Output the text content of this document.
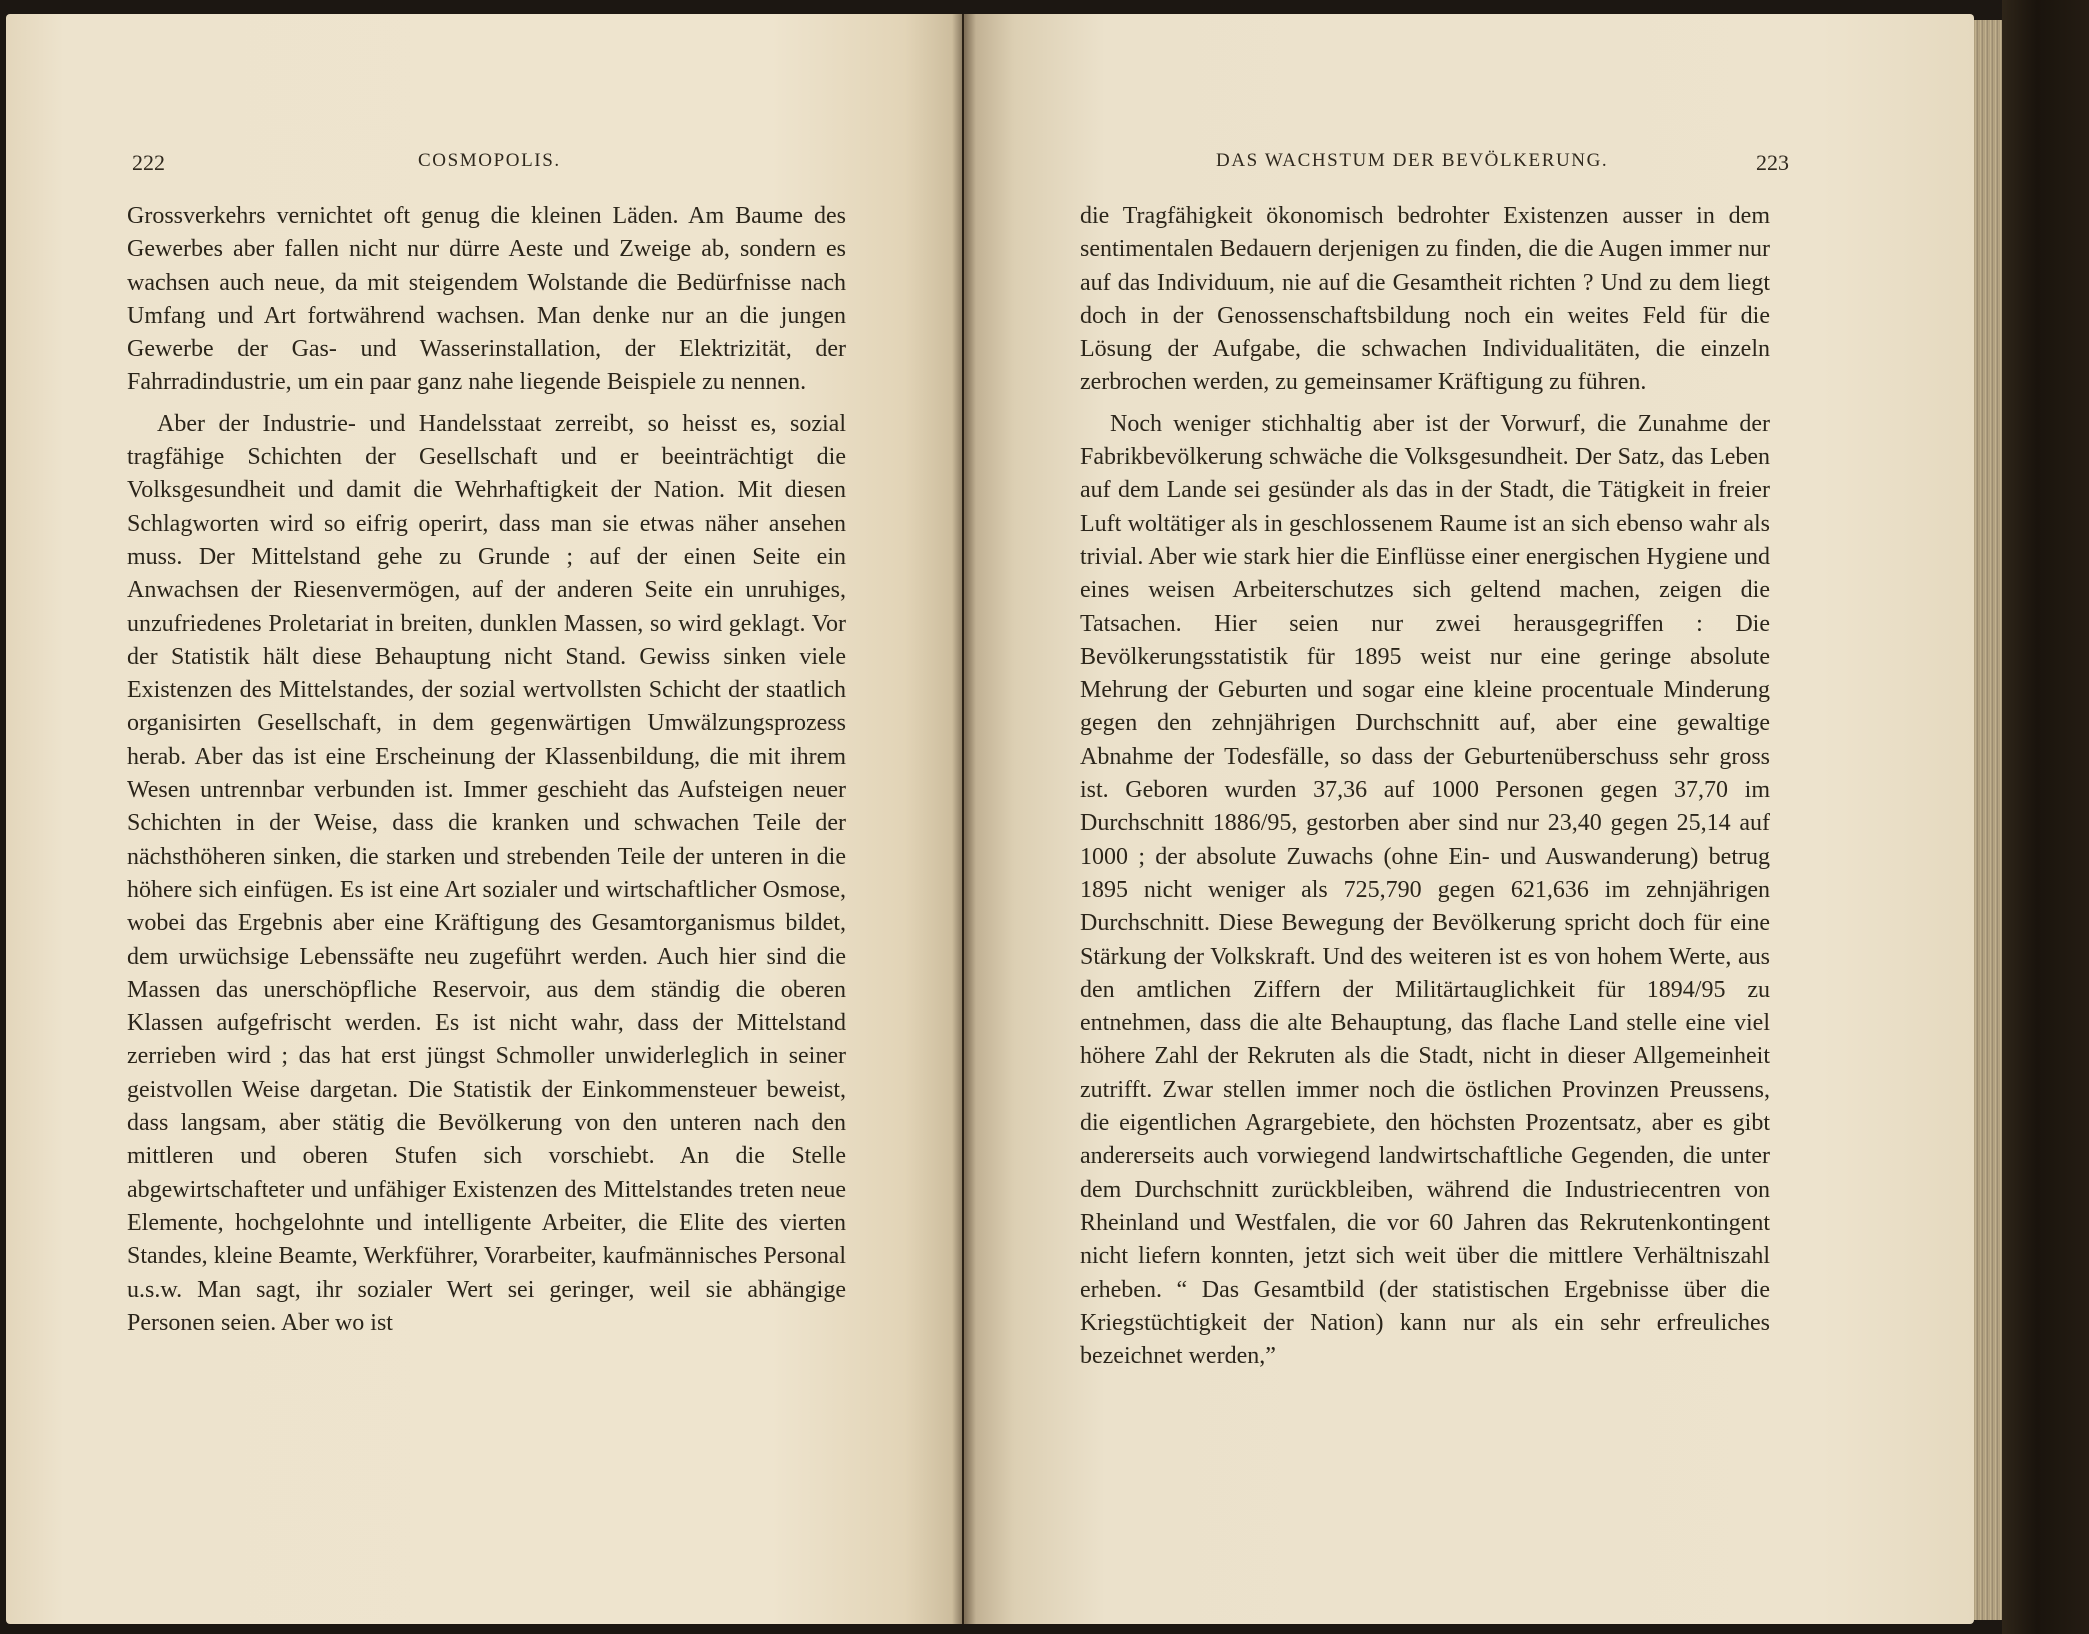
222	COSMOPOLIS.

Grossverkehrs vernichtet oft genug die kleinen Läden. Am Baume des Gewerbes aber fallen nicht nur dürre Aeste und Zweige ab, sondern es wachsen auch neue, da mit steigendem Wolstande die Bedürfnisse nach Umfang und Art fortwährend wachsen. Man denke nur an die jungen Gewerbe der Gas- und Wasserinstallation, der Elektrizität, der Fahrradindustrie, um ein paar ganz nahe liegende Beispiele zu nennen.

Aber der Industrie- und Handelsstaat zerreibt, so heisst es, sozial tragfähige Schichten der Gesellschaft und er beeinträchtigt die Volksgesundheit und damit die Wehrhaftigkeit der Nation. Mit diesen Schlagworten wird so eifrig operirt, dass man sie etwas näher ansehen muss. Der Mittelstand gehe zu Grunde ; auf der einen Seite ein Anwachsen der Riesenvermögen, auf der anderen Seite ein unruhiges, unzufriedenes Proletariat in breiten, dunklen Massen, so wird geklagt. Vor der Statistik hält diese Behauptung nicht Stand. Gewiss sinken viele Existenzen des Mittelstandes, der sozial wertvollsten Schicht der staatlich organisirten Gesellschaft, in dem gegenwärtigen Umwälzungsprozess herab. Aber das ist eine Erscheinung der Klassenbildung, die mit ihrem Wesen untrennbar verbunden ist. Immer geschieht das Aufsteigen neuer Schichten in der Weise, dass die kranken und schwachen Teile der nächsthöheren sinken, die starken und strebenden Teile der unteren in die höhere sich einfügen. Es ist eine Art sozialer und wirtschaftlicher Osmose, wobei das Ergebnis aber eine Kräftigung des Gesamtorganismus bildet, dem urwüchsige Lebenssäfte neu zugeführt werden. Auch hier sind die Massen das unerschöpfliche Reservoir, aus dem ständig die oberen Klassen aufgefrischt werden. Es ist nicht wahr, dass der Mittelstand zerrieben wird ; das hat erst jüngst Schmoller unwiderleglich in seiner geistvollen Weise dargetan. Die Statistik der Einkommensteuer beweist, dass langsam, aber stätig die Bevölkerung von den unteren nach den mittleren und oberen Stufen sich vorschiebt. An die Stelle abgewirtschafteter und unfähiger Existenzen des Mittelstandes treten neue Elemente, hochgelohnte und intelligente Arbeiter, die Elite des vierten Standes, kleine Beamte, Werkführer, Vorarbeiter, kaufmännisches Personal u.s.w. Man sagt, ihr sozialer Wert sei geringer, weil sie abhängige Personen seien. Aber wo ist

DAS WACHSTUM DER BEVÖLKERUNG.	223

die Tragfähigkeit ökonomisch bedrohter Existenzen ausser in dem sentimentalen Bedauern derjenigen zu finden, die die Augen immer nur auf das Individuum, nie auf die Gesamtheit richten ? Und zu dem liegt doch in der Genossenschaftsbildung noch ein weites Feld für die Lösung der Aufgabe, die schwachen Individualitäten, die einzeln zerbrochen werden, zu gemeinsamer Kräftigung zu führen.

Noch weniger stichhaltig aber ist der Vorwurf, die Zunahme der Fabrikbevölkerung schwäche die Volksgesundheit. Der Satz, das Leben auf dem Lande sei gesünder als das in der Stadt, die Tätigkeit in freier Luft woltätiger als in geschlossenem Raume ist an sich ebenso wahr als trivial. Aber wie stark hier die Einflüsse einer energischen Hygiene und eines weisen Arbeiterschutzes sich geltend machen, zeigen die Tatsachen. Hier seien nur zwei herausgegriffen : Die Bevölkerungsstatistik für 1895 weist nur eine geringe absolute Mehrung der Geburten und sogar eine kleine procentuale Minderung gegen den zehnjährigen Durchschnitt auf, aber eine gewaltige Abnahme der Todesfälle, so dass der Geburtenüberschuss sehr gross ist. Geboren wurden 37,36 auf 1000 Personen gegen 37,70 im Durchschnitt 1886/95, gestorben aber sind nur 23,40 gegen 25,14 auf 1000 ; der absolute Zuwachs (ohne Ein- und Auswanderung) betrug 1895 nicht weniger als 725,790 gegen 621,636 im zehnjährigen Durchschnitt. Diese Bewegung der Bevölkerung spricht doch für eine Stärkung der Volkskraft. Und des weiteren ist es von hohem Werte, aus den amtlichen Ziffern der Militärtauglichkeit für 1894/95 zu entnehmen, dass die alte Behauptung, das flache Land stelle eine viel höhere Zahl der Rekruten als die Stadt, nicht in dieser Allgemeinheit zutrifft. Zwar stellen immer noch die östlichen Provinzen Preussens, die eigentlichen Agrargebiete, den höchsten Prozentsatz, aber es gibt andererseits auch vorwiegend landwirtschaftliche Gegenden, die unter dem Durchschnitt zurückbleiben, während die Industriecentren von Rheinland und Westfalen, die vor 60 Jahren das Rekrutenkontingent nicht liefern konnten, jetzt sich weit über die mittlere Verhältniszahl erheben. “ Das Gesamtbild (der statistischen Ergebnisse über die Kriegstüchtigkeit der Nation) kann nur als ein sehr erfreuliches bezeichnet werden,”
